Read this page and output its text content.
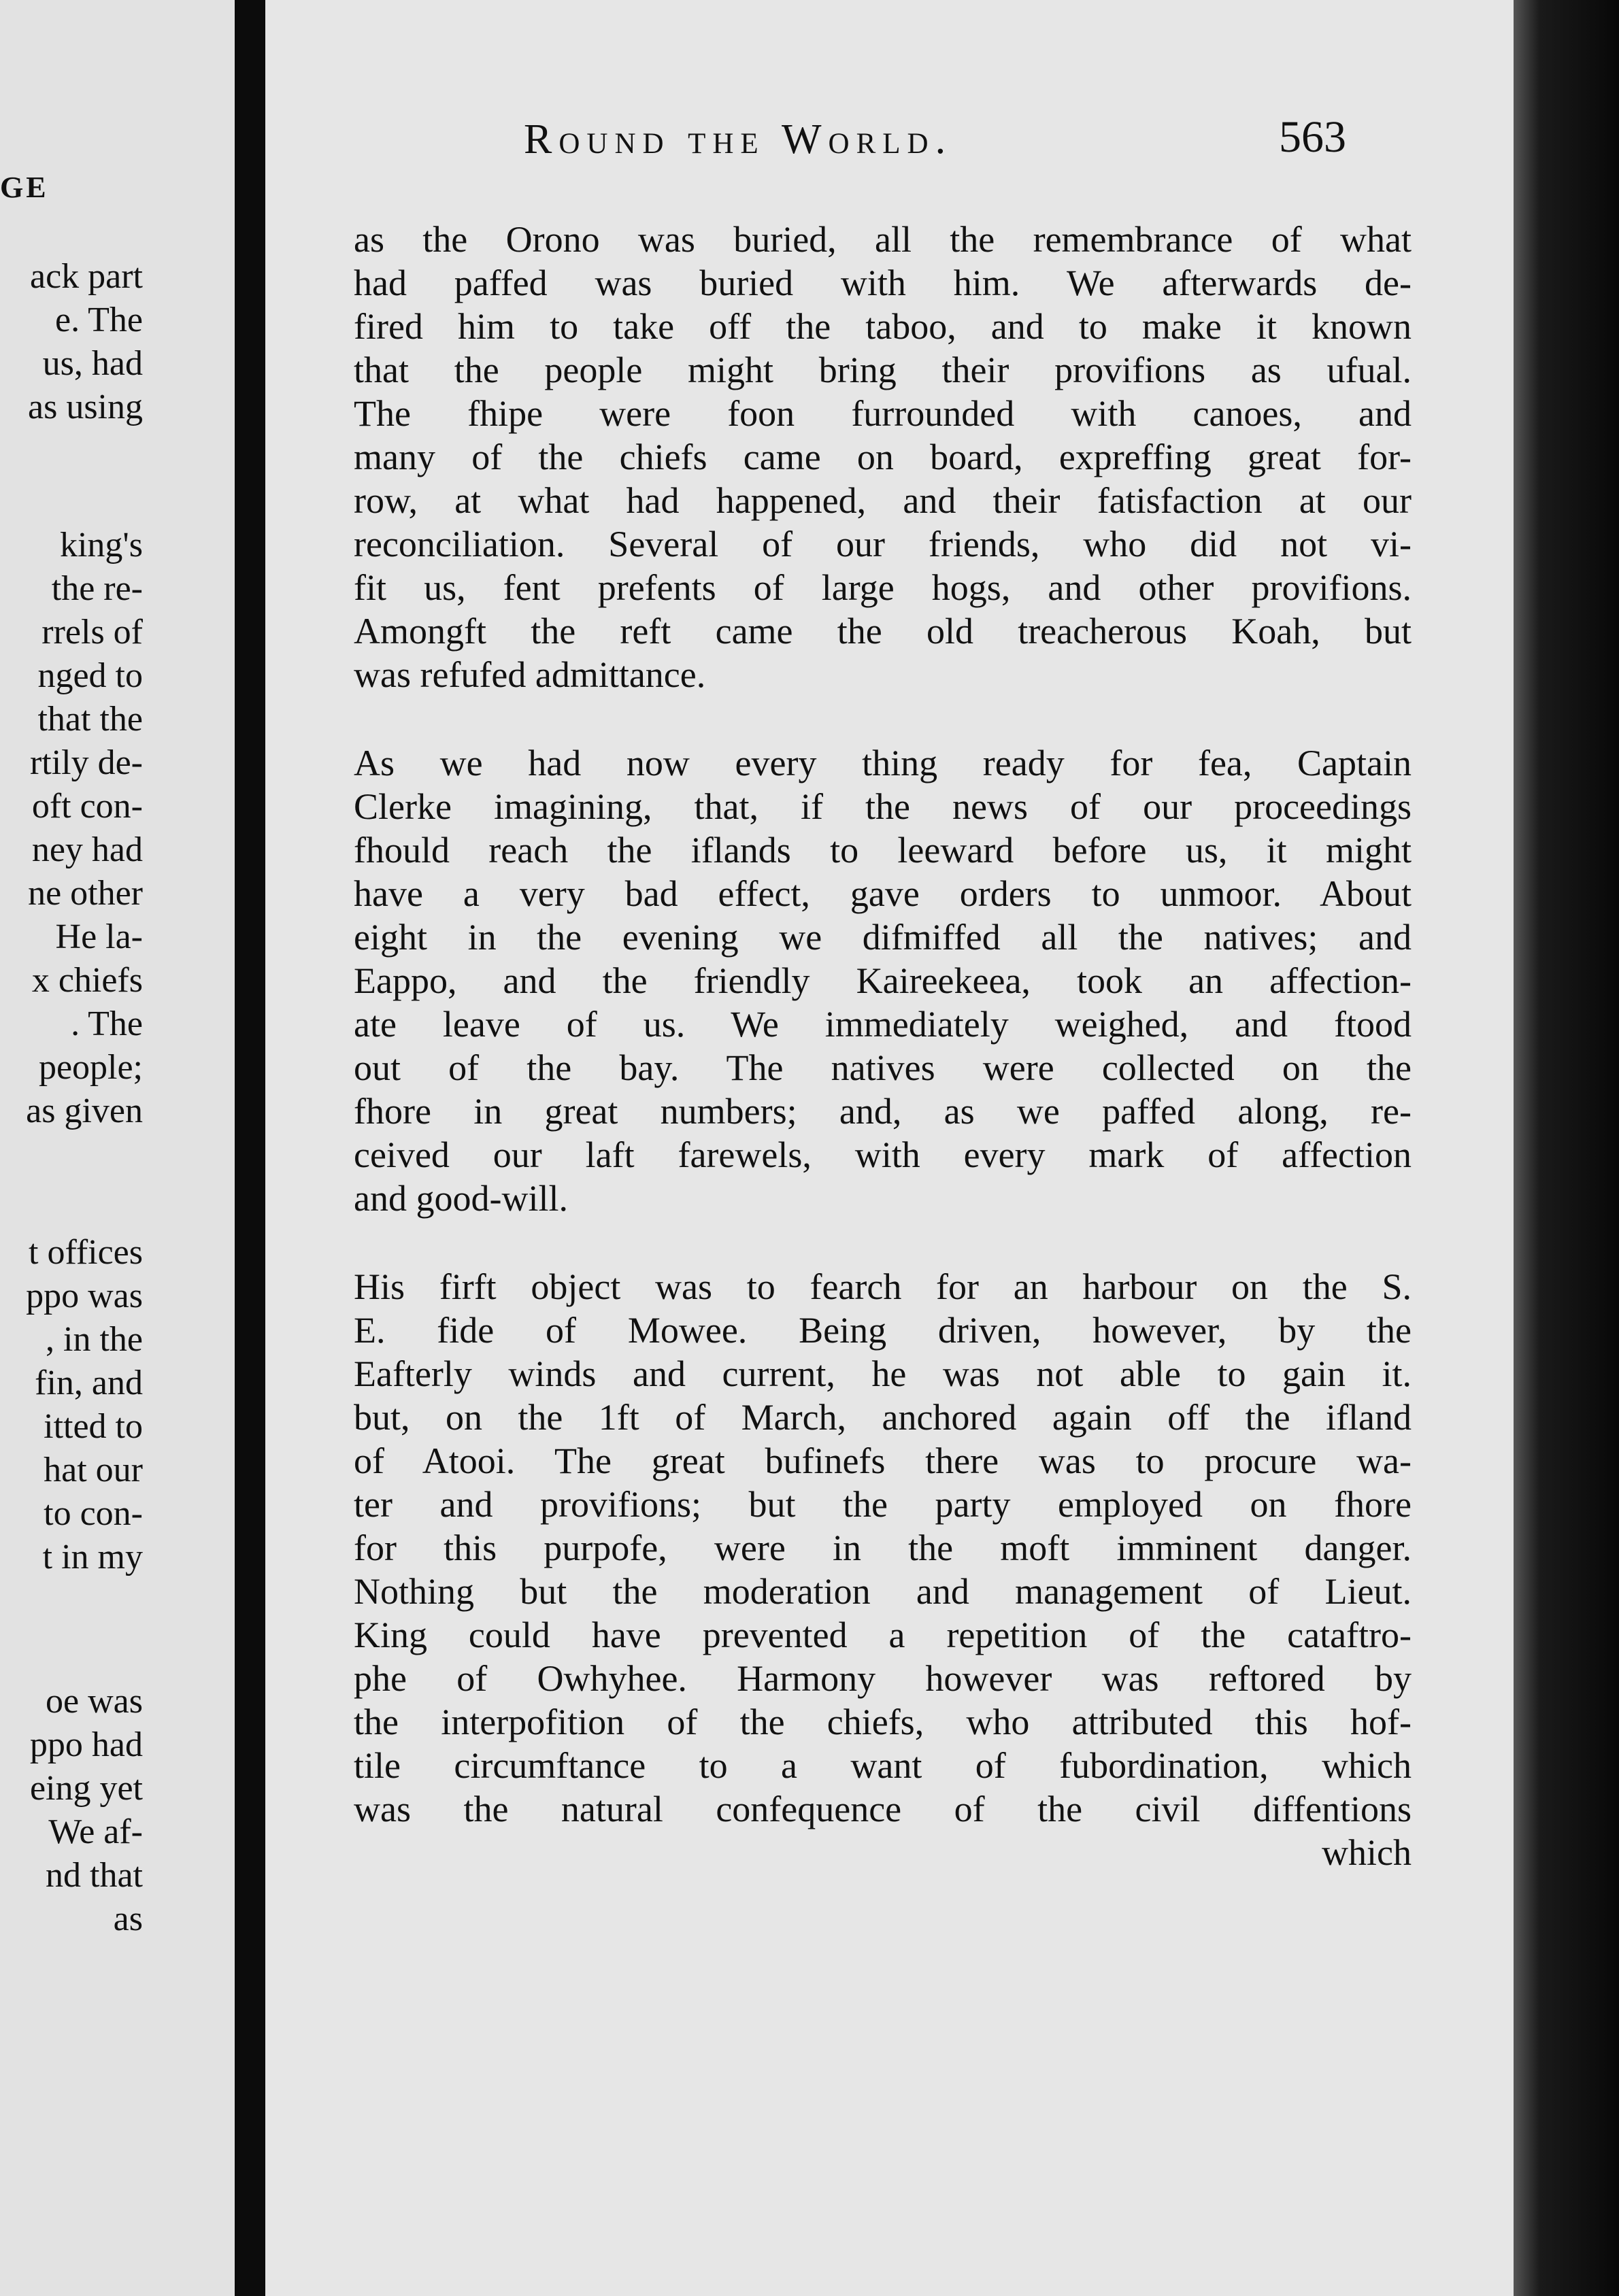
GE
ack part
e. The
us, had
as using
king's
the re-
rrels of
nged to
that the
rtily de-
oft con-
ney had
ne other
He la-
x chiefs
. The
people;
as given
t offices
ppo was
, in the
fin, and
itted to
hat our
to con-
t in my
oe was
ppo had
eing yet
We af-
nd that
as
Round the World.	563
as the Orono was buried, all the remembrance of what
had paffed was buried with him. We afterwards de-
fired him to take off the taboo, and to make it known
that the people might bring their provifions as ufual.
The fhipe were foon furrounded with canoes, and
many of the chiefs came on board, expreffing great for-
row, at what had happened, and their fatisfaction at our
reconciliation. Several of our friends, who did not vi-
fit us, fent prefents of large hogs, and other provifions.
Amongft the reft came the old treacherous Koah, but
was refufed admittance.
As we had now every thing ready for fea, Captain
Clerke imagining, that, if the news of our proceedings
fhould reach the iflands to leeward before us, it might
have a very bad effect, gave orders to unmoor. About
eight in the evening we difmiffed all the natives; and
Eappo, and the friendly Kaireekeea, took an affection-
ate leave of us. We immediately weighed, and ftood
out of the bay. The natives were collected on the
fhore in great numbers; and, as we paffed along, re-
ceived our laft farewels, with every mark of affection
and good-will.
His firft object was to fearch for an harbour on the S.
E. fide of Mowee. Being driven, however, by the
Eafterly winds and current, he was not able to gain it.
but, on the 1ft of March, anchored again off the ifland
of Atooi. The great bufinefs there was to procure wa-
ter and provifions; but the party employed on fhore
for this purpofe, were in the moft imminent danger.
Nothing but the moderation and management of Lieut.
King could have prevented a repetition of the cataftro-
phe of Owhyhee. Harmony however was reftored by
the interpofition of the chiefs, who attributed this hof-
tile circumftance to a want of fubordination, which
was the natural confequence of the civil diffentions
which
